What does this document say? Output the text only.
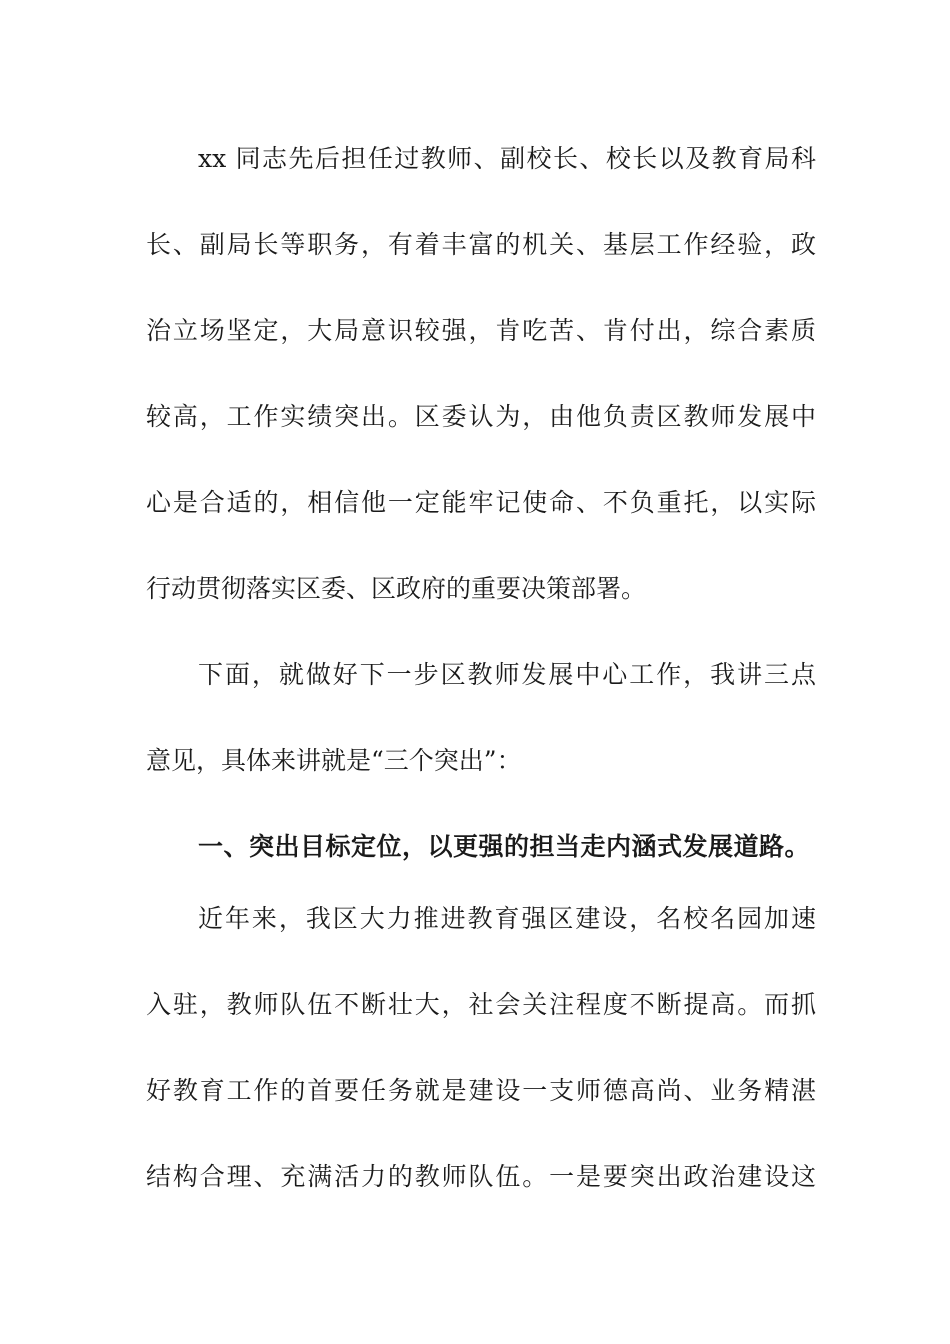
xx 同志先后担任过教师、副校长、校长以及教育局科
长、副局长等职务，有着丰富的机关、基层工作经验，政
治立场坚定，大局意识较强，肯吃苦、肯付出，综合素质
较高，工作实绩突出。区委认为，由他负责区教师发展中
心是合适的，相信他一定能牢记使命、不负重托，以实际
行动贯彻落实区委、区政府的重要决策部署。
下面，就做好下一步区教师发展中心工作，我讲三点
意见，具体来讲就是“三个突出”：
一、突出目标定位，以更强的担当走内涵式发展道路。
近年来，我区大力推进教育强区建设，名校名园加速
入驻，教师队伍不断壮大，社会关注程度不断提高。而抓
好教育工作的首要任务就是建设一支师德高尚、业务精湛
结构合理、充满活力的教师队伍。一是要突出政治建设这
